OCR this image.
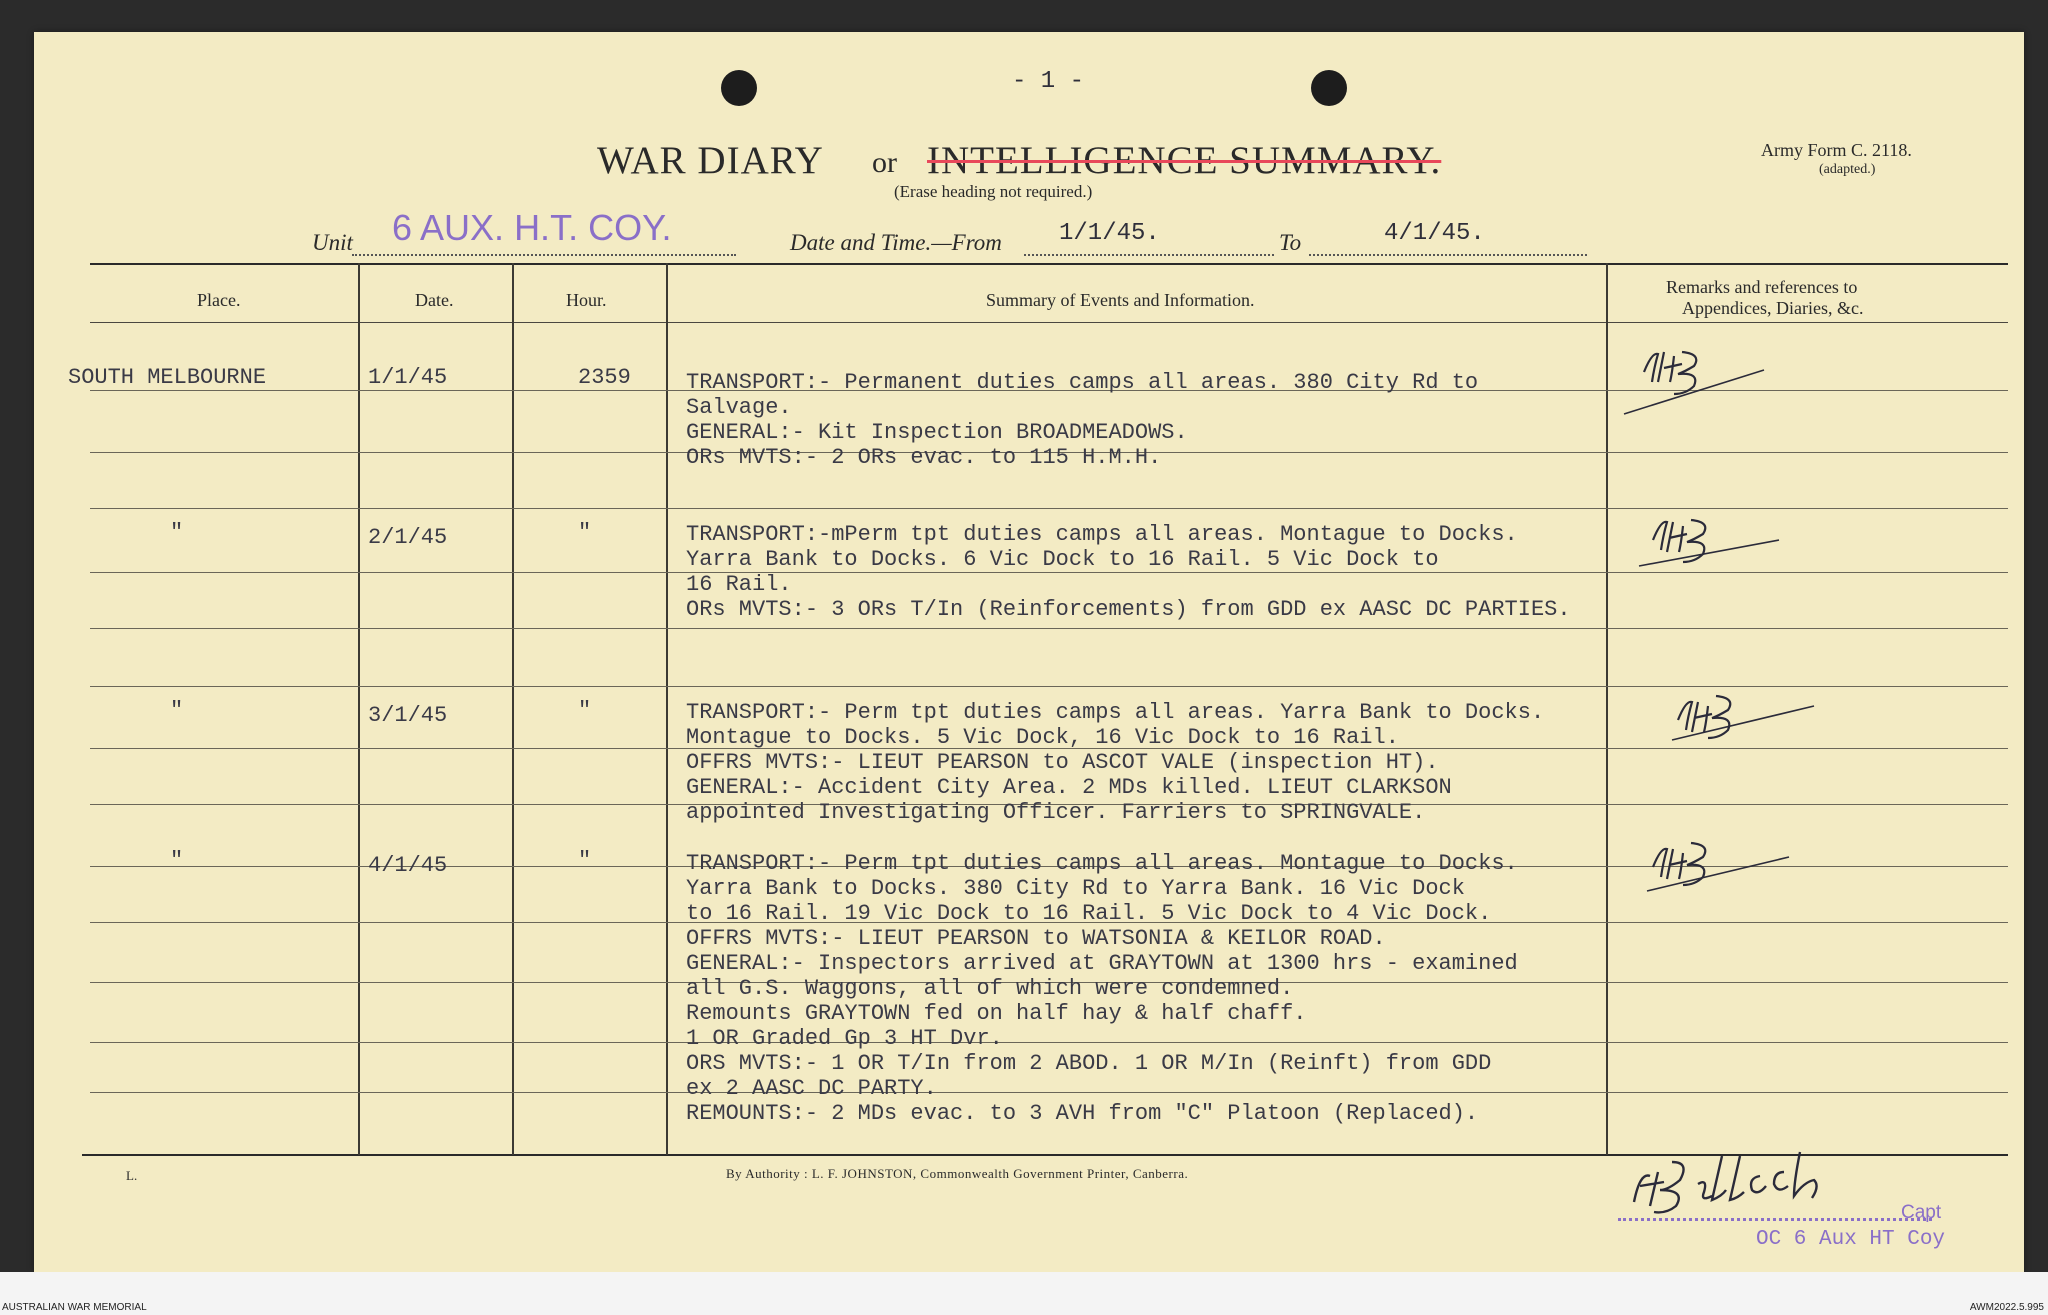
- 1 -
WAR DIARY or INTELLIGENCE SUMMARY.
(Erase heading not required.)
Army Form C. 2118.
(adapted.)
Unit 6 AUX. H.T. COY.	Date and Time.—From 1/1/45.	To	4/1/45.
Place.	Date.	Hour.	Summary of Events and Information.
Remarks and references to
Appendices, Diaries, &c.
SOUTH MELBOURNE	1/1/45	2359	TRANSPORT:- Permanent duties camps all areas. 380 City Rd to
Salvage.
GENERAL:- Kit Inspection BROADMEADOWS.
ORs MVTS:- 2 ORs evac. to 115 H.M.H.
"	2/1/45	"	TRANSPORT:-mPerm tpt duties camps all areas. Montague to Docks.
Yarra Bank to Docks. 6 Vic Dock to 16 Rail. 5 Vic Dock to
16 Rail.
ORs MVTS:- 3 ORs T/In (Reinforcements) from GDD ex AASC DC PARTIES.
"	3/1/45	"	TRANSPORT:- Perm tpt duties camps all areas. Yarra Bank to Docks.
Montague to Docks. 5 Vic Dock, 16 Vic Dock to 16 Rail.
OFFRS MVTS:- LIEUT PEARSON to ASCOT VALE (inspection HT).
GENERAL:- Accident City Area. 2 MDs killed. LIEUT CLARKSON
appointed Investigating Officer. Farriers to SPRINGVALE.
"	4/1/45	"	TRANSPORT:- Perm tpt duties camps all areas. Montague to Docks.
Yarra Bank to Docks. 380 City Rd to Yarra Bank. 16 Vic Dock
to 16 Rail. 19 Vic Dock to 16 Rail. 5 Vic Dock to 4 Vic Dock.
OFFRS MVTS:- LIEUT PEARSON to WATSONIA & KEILOR ROAD.
GENERAL:- Inspectors arrived at GRAYTOWN at 1300 hrs - examined
all G.S. Waggons, all of which were condemned.
Remounts GRAYTOWN fed on half hay & half chaff.
1 OR Graded Gp 3 HT Dvr.
ORS MVTS:- 1 OR T/In from 2 ABOD. 1 OR M/In (Reinft) from GDD
ex 2 AASC DC PARTY.
REMOUNTS:- 2 MDs evac. to 3 AVH from "C" Platoon (Replaced).
L.	By Authority : L. F. JOHNSTON, Commonwealth Government Printer, Canberra.
Capt
OC 6 Aux HT Coy
AUSTRALIAN WAR MEMORIAL	AWM2022.5.995
